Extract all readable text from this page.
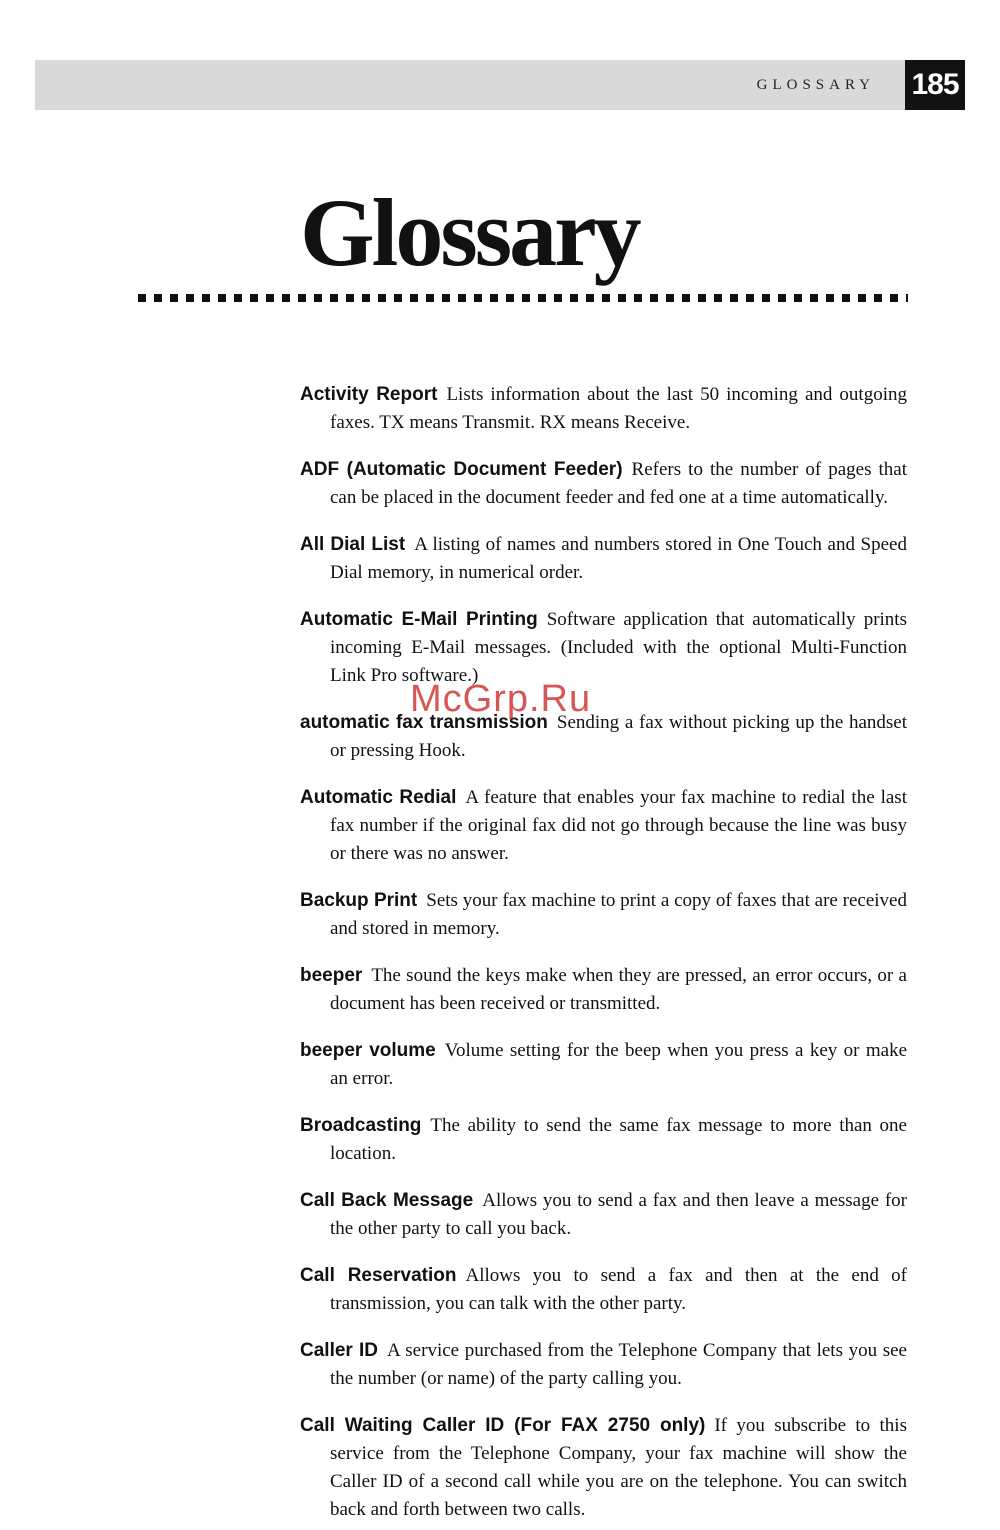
GLOSSARY 185
Glossary

Activity Report Lists information about the last 50 incoming and outgoing faxes. TX means Transmit. RX means Receive.

ADF (Automatic Document Feeder) Refers to the number of pages that can be placed in the document feeder and fed one at a time automatically.

All Dial List A listing of names and numbers stored in One Touch and Speed Dial memory, in numerical order.

Automatic E-Mail Printing Software application that automatically prints incoming E-Mail messages. (Included with the optional Multi-Function Link Pro software.)

automatic fax transmission Sending a fax without picking up the handset or pressing Hook.

Automatic Redial A feature that enables your fax machine to redial the last fax number if the original fax did not go through because the line was busy or there was no answer.

Backup Print Sets your fax machine to print a copy of faxes that are received and stored in memory.

beeper The sound the keys make when they are pressed, an error occurs, or a document has been received or transmitted.

beeper volume Volume setting for the beep when you press a key or make an error.

Broadcasting The ability to send the same fax message to more than one location.

Call Back Message Allows you to send a fax and then leave a message for the other party to call you back.

Call Reservation Allows you to send a fax and then at the end of transmission, you can talk with the other party.

Caller ID A service purchased from the Telephone Company that lets you see the number (or name) of the party calling you.

Call Waiting Caller ID (For FAX 2750 only) If you subscribe to this service from the Telephone Company, your fax machine will show the Caller ID of a second call while you are on the telephone. You can switch back and forth between two calls.

McGrp.Ru
